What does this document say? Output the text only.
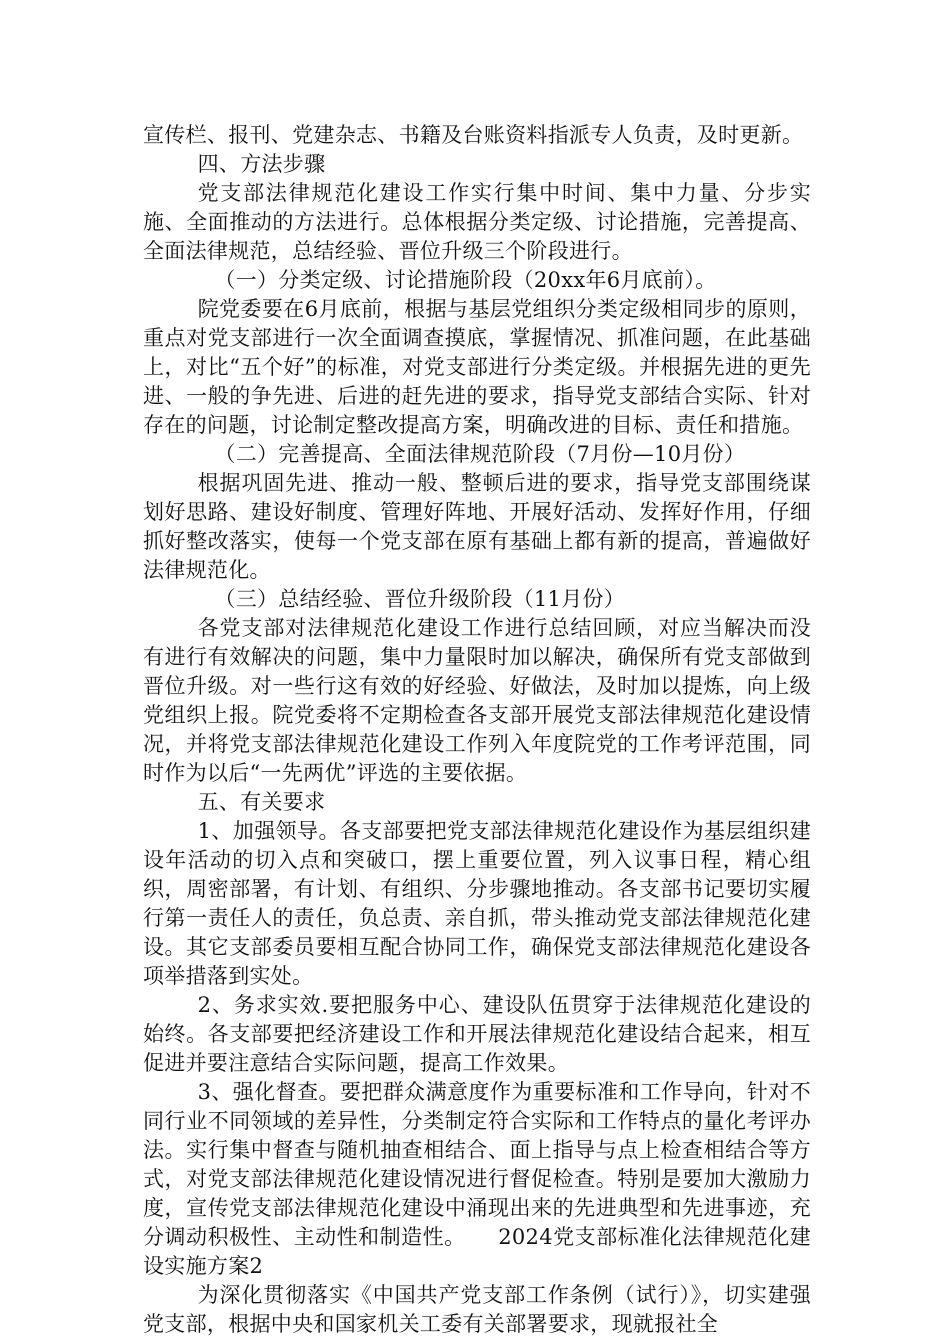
宣传栏、报刊、党建杂志、书籍及台账资料指派专人负责，及时更新。

四、方法步骤

党支部法律规范化建设工作实行集中时间、集中力量、分步实施、全面推动的方法进行。总体根据分类定级、讨论措施，完善提高、全面法律规范，总结经验、晋位升级三个阶段进行。

（一）分类定级、讨论措施阶段（20xx年6月底前）。

院党委要在6月底前，根据与基层党组织分类定级相同步的原则，重点对党支部进行一次全面调查摸底，掌握情况、抓准问题，在此基础上，对比“五个好”的标准，对党支部进行分类定级。并根据先进的更先进、一般的争先进、后进的赶先进的要求，指导党支部结合实际、针对存在的问题，讨论制定整改提高方案，明确改进的目标、责任和措施。

（二）完善提高、全面法律规范阶段（7月份—10月份）

根据巩固先进、推动一般、整顿后进的要求，指导党支部围绕谋划好思路、建设好制度、管理好阵地、开展好活动、发挥好作用，仔细抓好整改落实，使每一个党支部在原有基础上都有新的提高，普遍做好法律规范化。

（三）总结经验、晋位升级阶段（11月份）

各党支部对法律规范化建设工作进行总结回顾，对应当解决而没有进行有效解决的问题，集中力量限时加以解决，确保所有党支部做到晋位升级。对一些行这有效的好经验、好做法，及时加以提炼，向上级党组织上报。院党委将不定期检查各支部开展党支部法律规范化建设情况，并将党支部法律规范化建设工作列入年度院党的工作考评范围，同时作为以后“一先两优”评选的主要依据。

五、有关要求

1、加强领导。各支部要把党支部法律规范化建设作为基层组织建设年活动的切入点和突破口，摆上重要位置，列入议事日程，精心组织，周密部署，有计划、有组织、分步骤地推动。各支部书记要切实履行第一责任人的责任，负总责、亲自抓，带头推动党支部法律规范化建设。其它支部委员要相互配合协同工作，确保党支部法律规范化建设各项举措落到实处。

2、务求实效.要把服务中心、建设队伍贯穿于法律规范化建设的始终。各支部要把经济建设工作和开展法律规范化建设结合起来，相互促进并要注意结合实际问题，提高工作效果。

3、强化督查。要把群众满意度作为重要标准和工作导向，针对不同行业不同领域的差异性，分类制定符合实际和工作特点的量化考评办法。实行集中督查与随机抽查相结合、面上指导与点上检查相结合等方式，对党支部法律规范化建设情况进行督促检查。特别是要加大激励力度，宣传党支部法律规范化建设中涌现出来的先进典型和先进事迹，充分调动积极性、主动性和制造性。　　2024党支部标准化法律规范化建设实施方案2

为深化贯彻落实《中国共产党支部工作条例（试行）》，切实建强党支部，根据中央和国家机关工委有关部署要求，现就报社全
